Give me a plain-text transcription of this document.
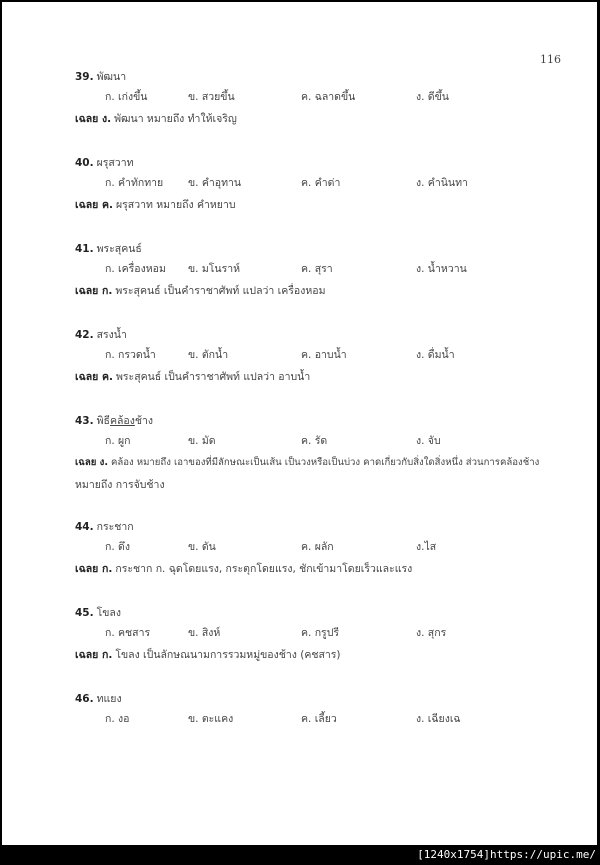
116
39. พัฒนา
ก. เก่งขึ้น	ข. สวยขึ้น	ค. ฉลาดขึ้น	ง. ดีขึ้น
เฉลย ง. พัฒนา หมายถึง ทำให้เจริญ
40. ผรุสวาท
ก. คำทักทาย ข. คำอุทาน	ค. คำด่า	ง. คำนินทา
เฉลย ค. ผรุสวาท หมายถึง คำหยาบ
41. พระสุคนธ์
ก. เครื่องหอม ข. มโนราห์	ค. สุรา	ง. น้ำหวาน
เฉลย ก. พระสุคนธ์ เป็นคำราชาศัพท์ แปลว่า เครื่องหอม
42. สรงน้ำ
ก. กรวดน้ำ	ข. ตักน้ำ	ค. อาบน้ำ	ง. ดื่มน้ำ
เฉลย ค. พระสุคนธ์ เป็นคำราชาศัพท์ แปลว่า อาบน้ำ
43. พิธีคล้องช้าง
ก. ผูก	ข. มัด	ค. รัด	ง. จับ
เฉลย ง. คล้อง หมายถึง เอาของที่มีลักษณะเป็นเส้น เป็นวงหรือเป็นบ่วง คาดเกี่ยวกับสิ่งใดสิ่งหนึ่ง ส่วนการคล้องช้าง
หมายถึง การจับช้าง
44. กระชาก
ก. ดึง	ข. ดัน	ค. ผลัก	ง.ไส
เฉลย ก. กระชาก ก. ฉุดโดยแรง, กระตุกโดยแรง, ชักเข้ามาโดยเร็วและแรง
45. โขลง
ก. คชสาร	ข. สิงห์	ค. กรูปรี	ง. สุกร
เฉลย ก. โขลง เป็นลักษณนามการรวมหมู่ของช้าง (คชสาร)
46. ทแยง
ก. งอ	ข. ตะแคง	ค. เลี้ยว	ง. เฉียงเฉ
[1240x1754]https://upic.me/
